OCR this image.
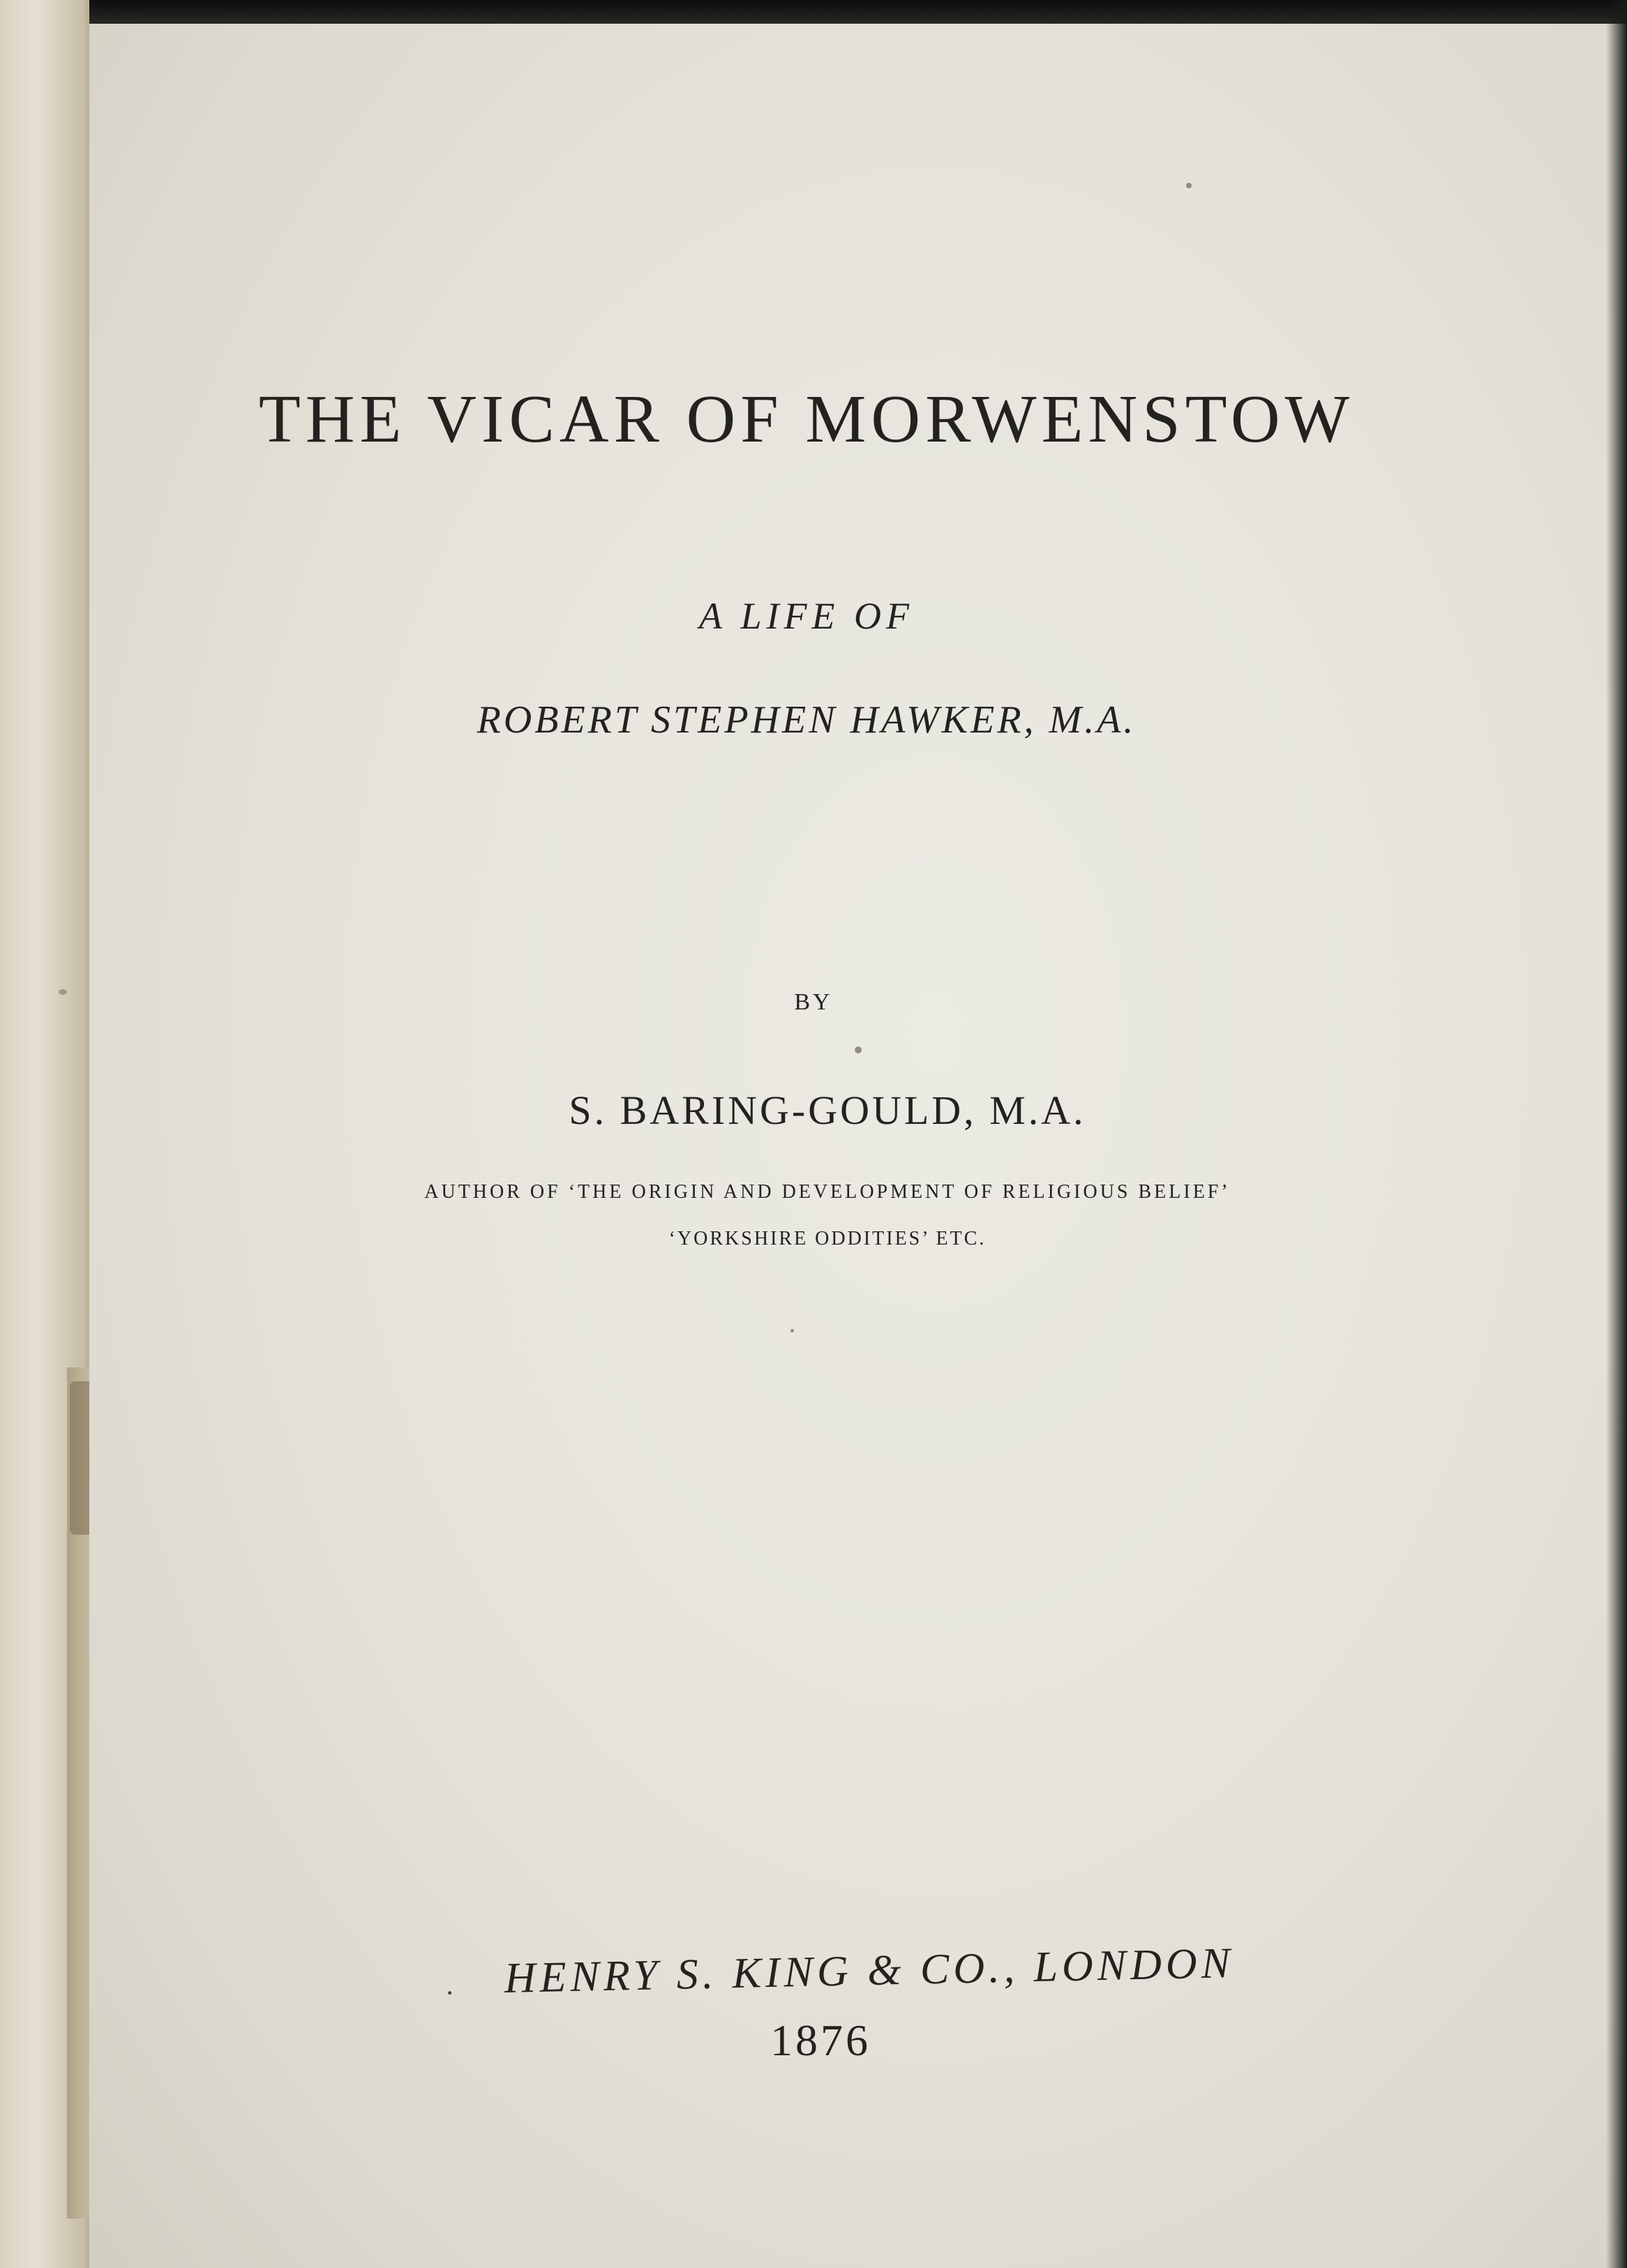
THE VICAR OF MORWENSTOW
A LIFE OF
ROBERT STEPHEN HAWKER, M.A.
BY
S. BARING-GOULD, M.A.
AUTHOR OF ‘THE ORIGIN AND DEVELOPMENT OF RELIGIOUS BELIEF’
‘YORKSHIRE ODDITIES’ ETC.
·	HENRY S. KING & CO., LONDON
1876
